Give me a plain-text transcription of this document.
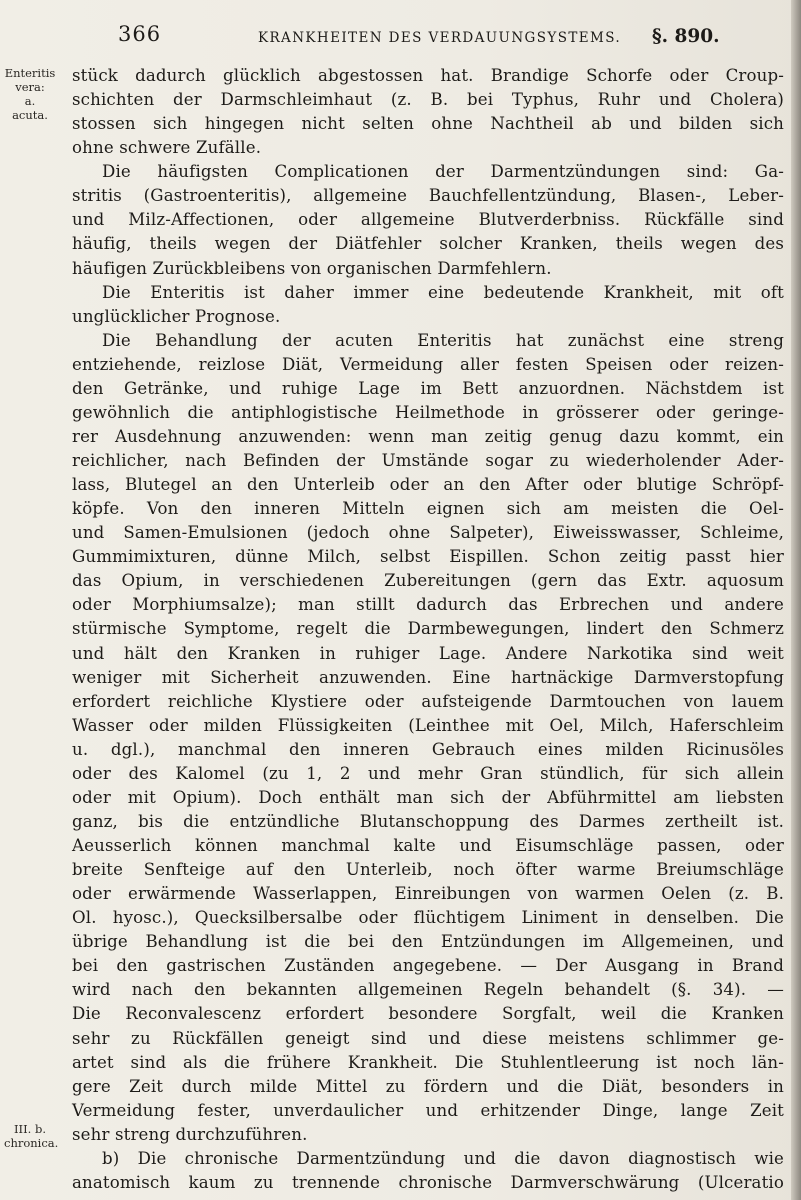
366	KRANKHEITEN DES VERDAUUNGSYSTEMS. §. 890.
Enteritis
vera:
a.
acuta.
III. b.
chronica.
stück dadurch glücklich abgestossen hat. Brandige Schorfe oder Croup-
schichten der Darmschleimhaut (z. B. bei Typhus, Ruhr und Cholera)
stossen sich hingegen nicht selten ohne Nachtheil ab und bilden sich
ohne schwere Zufälle.
Die häufigsten Complicationen der Darmentzündungen sind: Ga-
stritis (Gastroenteritis), allgemeine Bauchfellentzündung, Blasen-, Leber-
und Milz-Affectionen, oder allgemeine Blutverderbniss. Rückfälle sind
häufig, theils wegen der Diätfehler solcher Kranken, theils wegen des
häufigen Zurückbleibens von organischen Darmfehlern.
Die Enteritis ist daher immer eine bedeutende Krankheit, mit oft
unglücklicher Prognose.
Die Behandlung der acuten Enteritis hat zunächst eine streng
entziehende, reizlose Diät, Vermeidung aller festen Speisen oder reizen-
den Getränke, und ruhige Lage im Bett anzuordnen. Nächstdem ist
gewöhnlich die antiphlogistische Heilmethode in grösserer oder geringe-
rer Ausdehnung anzuwenden: wenn man zeitig genug dazu kommt, ein
reichlicher, nach Befinden der Umstände sogar zu wiederholender Ader-
lass, Blutegel an den Unterleib oder an den After oder blutige Schröpf-
köpfe. Von den inneren Mitteln eignen sich am meisten die Oel-
und Samen-Emulsionen (jedoch ohne Salpeter), Eiweisswasser, Schleime,
Gummimixturen, dünne Milch, selbst Eispillen. Schon zeitig passt hier
das Opium, in verschiedenen Zubereitungen (gern das Extr. aquosum
oder Morphiumsalze); man stillt dadurch das Erbrechen und andere
stürmische Symptome, regelt die Darmbewegungen, lindert den Schmerz
und hält den Kranken in ruhiger Lage. Andere Narkotika sind weit
weniger mit Sicherheit anzuwenden. Eine hartnäckige Darmverstopfung
erfordert reichliche Klystiere oder aufsteigende Darmtouchen von lauem
Wasser oder milden Flüssigkeiten (Leinthee mit Oel, Milch, Haferschleim
u. dgl.), manchmal den inneren Gebrauch eines milden Ricinusöles
oder des Kalomel (zu 1, 2 und mehr Gran stündlich, für sich allein
oder mit Opium). Doch enthält man sich der Abführmittel am liebsten
ganz, bis die entzündliche Blutanschoppung des Darmes zertheilt ist.
Aeusserlich können manchmal kalte und Eisumschläge passen, oder
breite Senfteige auf den Unterleib, noch öfter warme Breiumschläge
oder erwärmende Wasserlappen, Einreibungen von warmen Oelen (z. B.
Ol. hyosc.), Quecksilbersalbe oder flüchtigem Liniment in denselben. Die
übrige Behandlung ist die bei den Entzündungen im Allgemeinen, und
bei den gastrischen Zuständen angegebene. — Der Ausgang in Brand
wird nach den bekannten allgemeinen Regeln behandelt (§. 34). —
Die Reconvalescenz erfordert besondere Sorgfalt, weil die Kranken
sehr zu Rückfällen geneigt sind und diese meistens schlimmer ge-
artet sind als die frühere Krankheit. Die Stuhlentleerung ist noch län-
gere Zeit durch milde Mittel zu fördern und die Diät, besonders in
Vermeidung fester, unverdaulicher und erhitzender Dinge, lange Zeit
sehr streng durchzuführen.
b) Die chronische Darmentzündung und die davon diagnostisch wie
anatomisch kaum zu trennende chronische Darmverschwärung (Ulceratio
